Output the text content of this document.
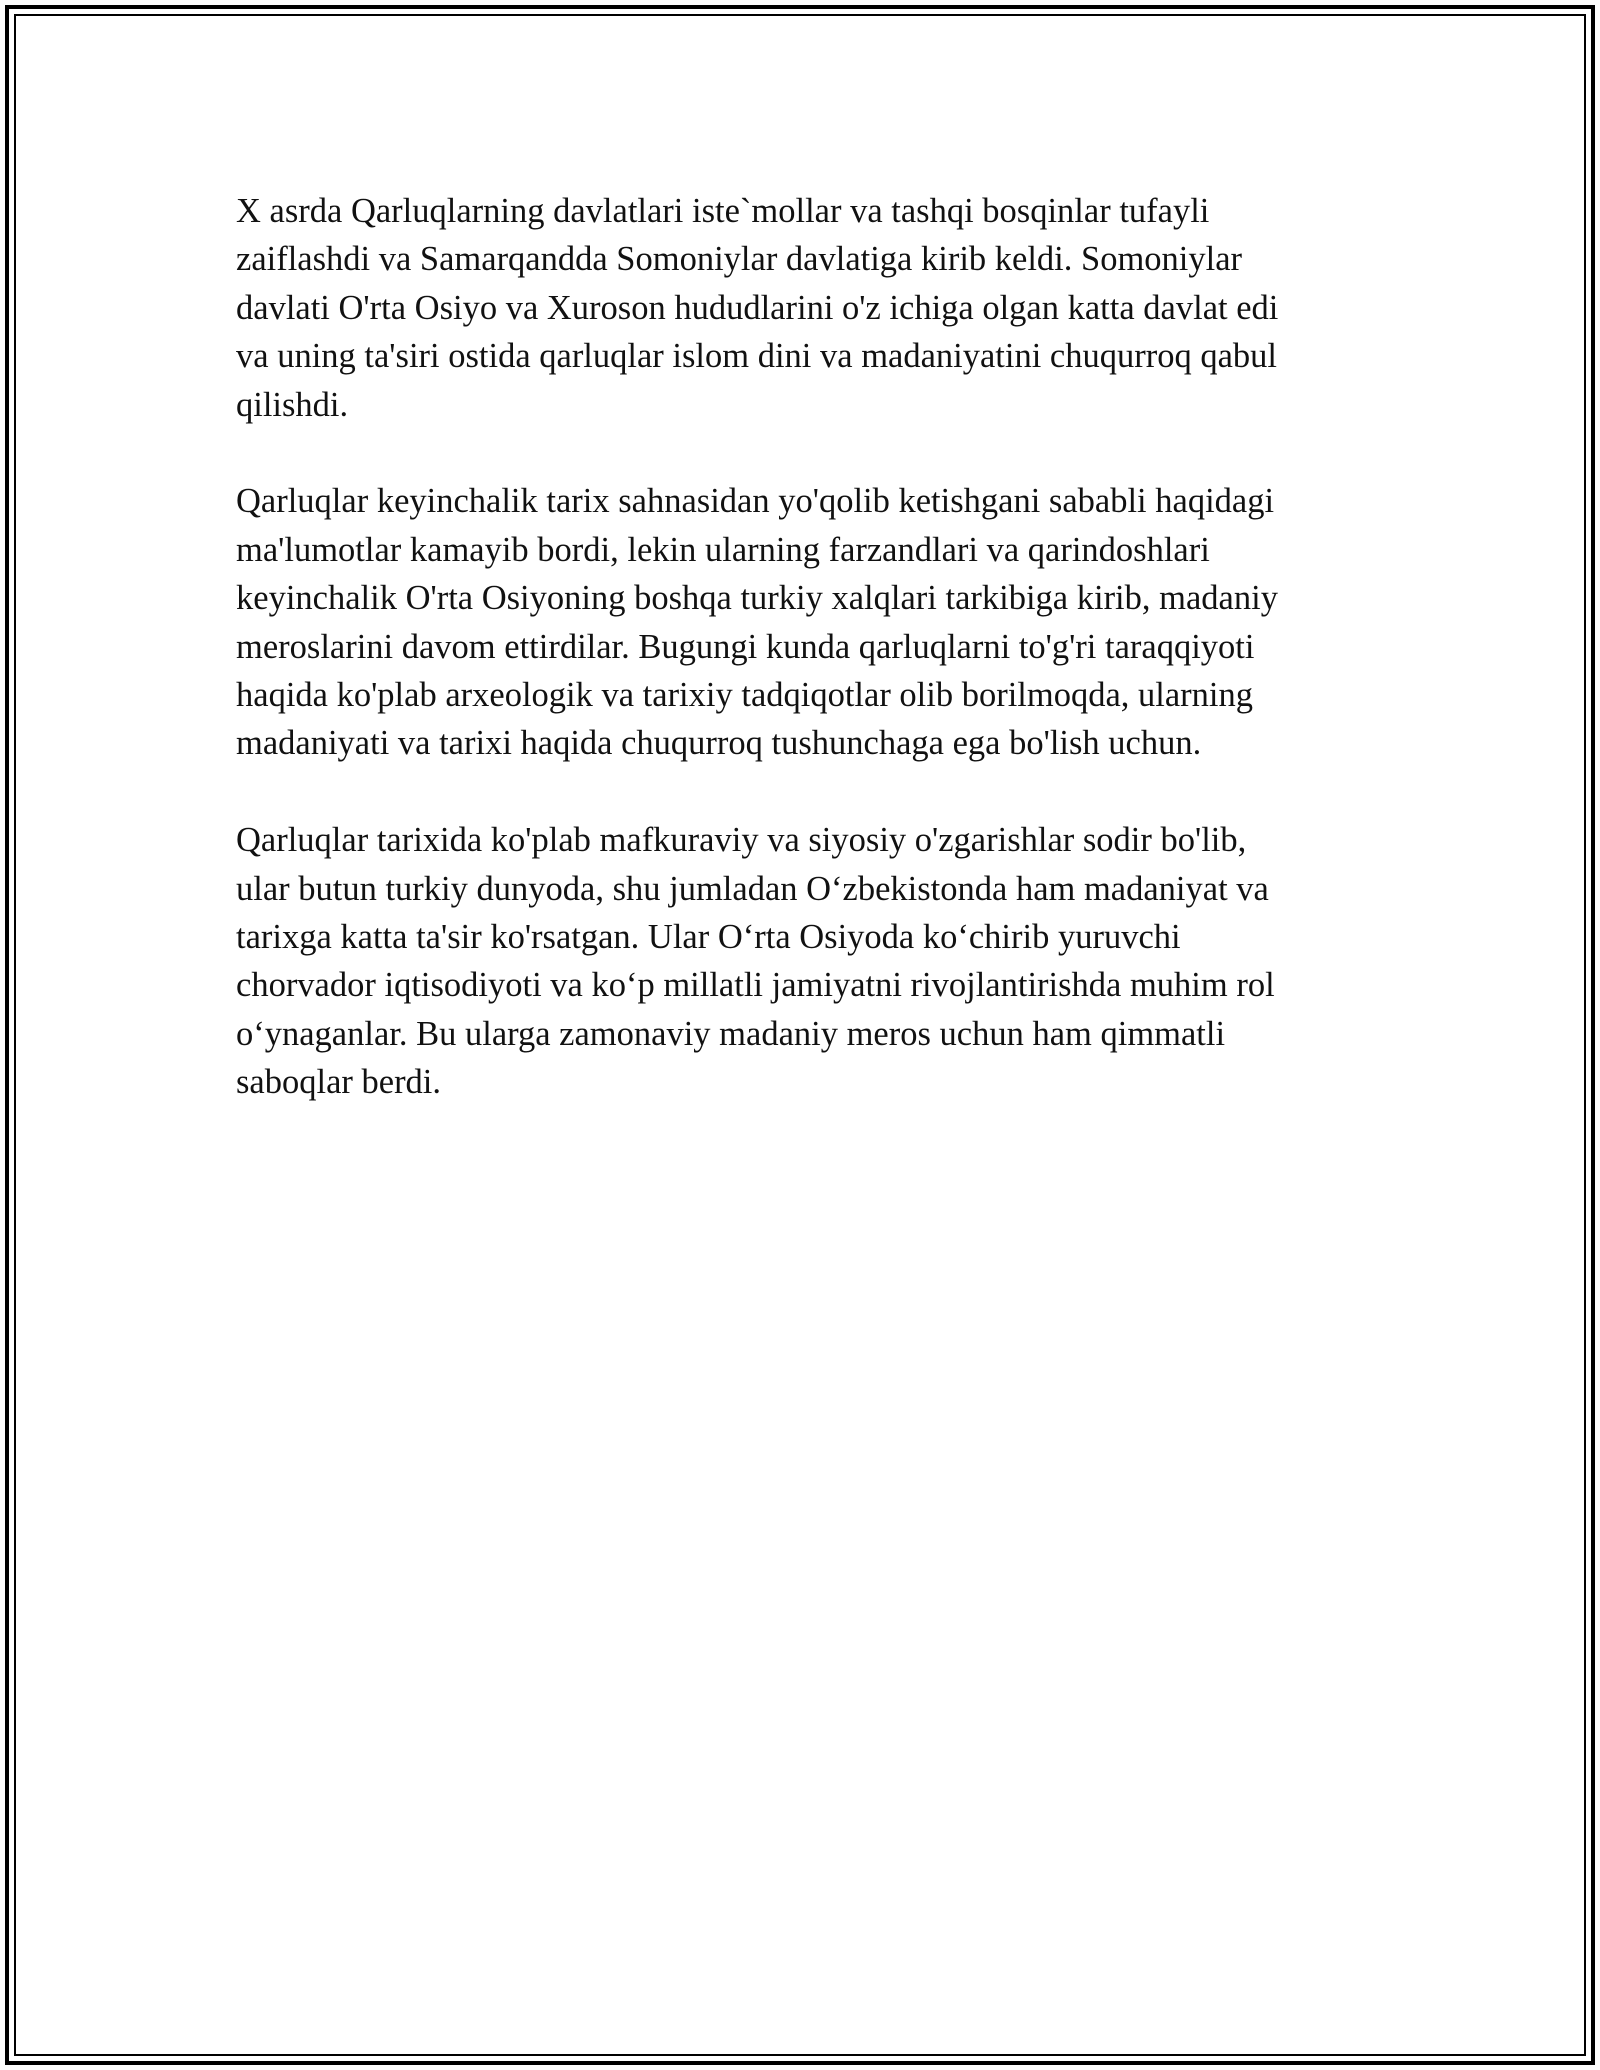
X asrda Qarluqlarning davlatlari iste`mollar va tashqi bosqinlar tufayli
zaiflashdi va Samarqandda Somoniylar davlatiga kirib keldi. Somoniylar
davlati O'rta Osiyo va Xuroson hududlarini o'z ichiga olgan katta davlat edi
va uning ta'siri ostida qarluqlar islom dini va madaniyatini chuqurroq qabul
qilishdi.

Qarluqlar keyinchalik tarix sahnasidan yo'qolib ketishgani sababli haqidagi
ma'lumotlar kamayib bordi, lekin ularning farzandlari va qarindoshlari
keyinchalik O'rta Osiyoning boshqa turkiy xalqlari tarkibiga kirib, madaniy
meroslarini davom ettirdilar. Bugungi kunda qarluqlarni to'g'ri taraqqiyoti
haqida ko'plab arxeologik va tarixiy tadqiqotlar olib borilmoqda, ularning
madaniyati va tarixi haqida chuqurroq tushunchaga ega bo'lish uchun.

Qarluqlar tarixida ko'plab mafkuraviy va siyosiy o'zgarishlar sodir bo'lib,
ular butun turkiy dunyoda, shu jumladan O‘zbekistonda ham madaniyat va
tarixga katta ta'sir ko'rsatgan. Ular O‘rta Osiyoda ko‘chirib yuruvchi
chorvador iqtisodiyoti va ko‘p millatli jamiyatni rivojlantirishda muhim rol
o‘ynaganlar. Bu ularga zamonaviy madaniy meros uchun ham qimmatli
saboqlar berdi.
